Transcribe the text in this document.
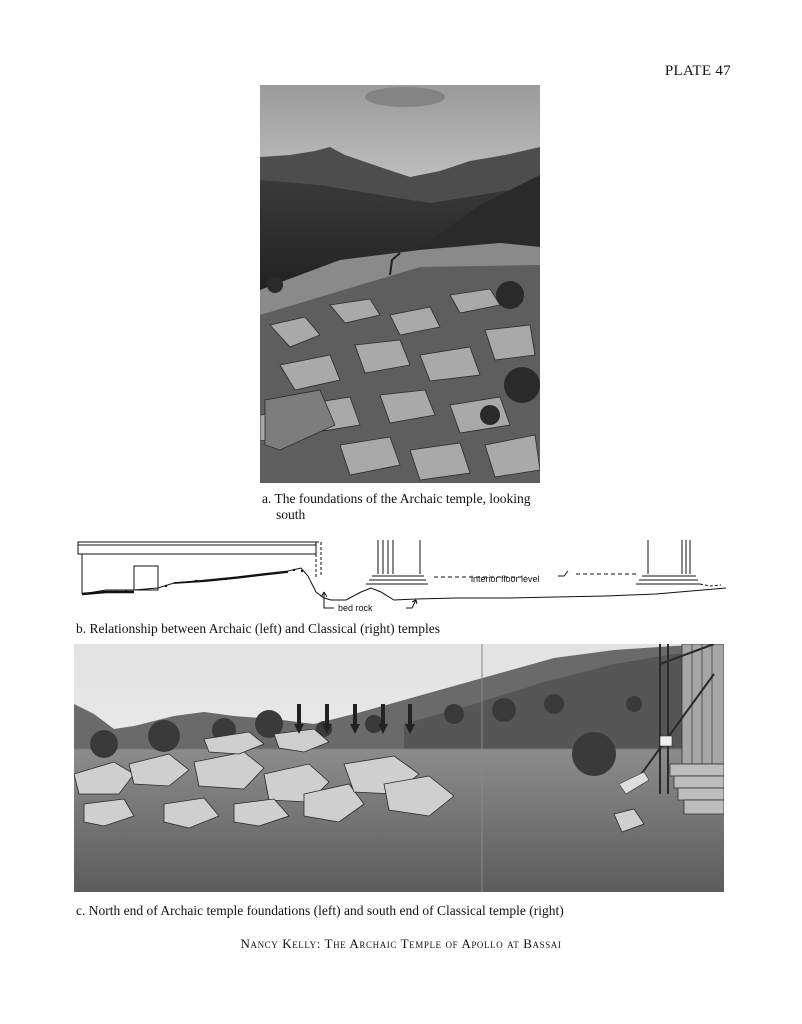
PLATE 47
a. The foundations of the Archaic temple, looking
south
interior floor level
bed rock
b. Relationship between Archaic (left) and Classical (right) temples
c. North end of Archaic temple foundations (left) and south end of Classical temple (right)
Nancy Kelly: The Archaic Temple of Apollo at Bassai
